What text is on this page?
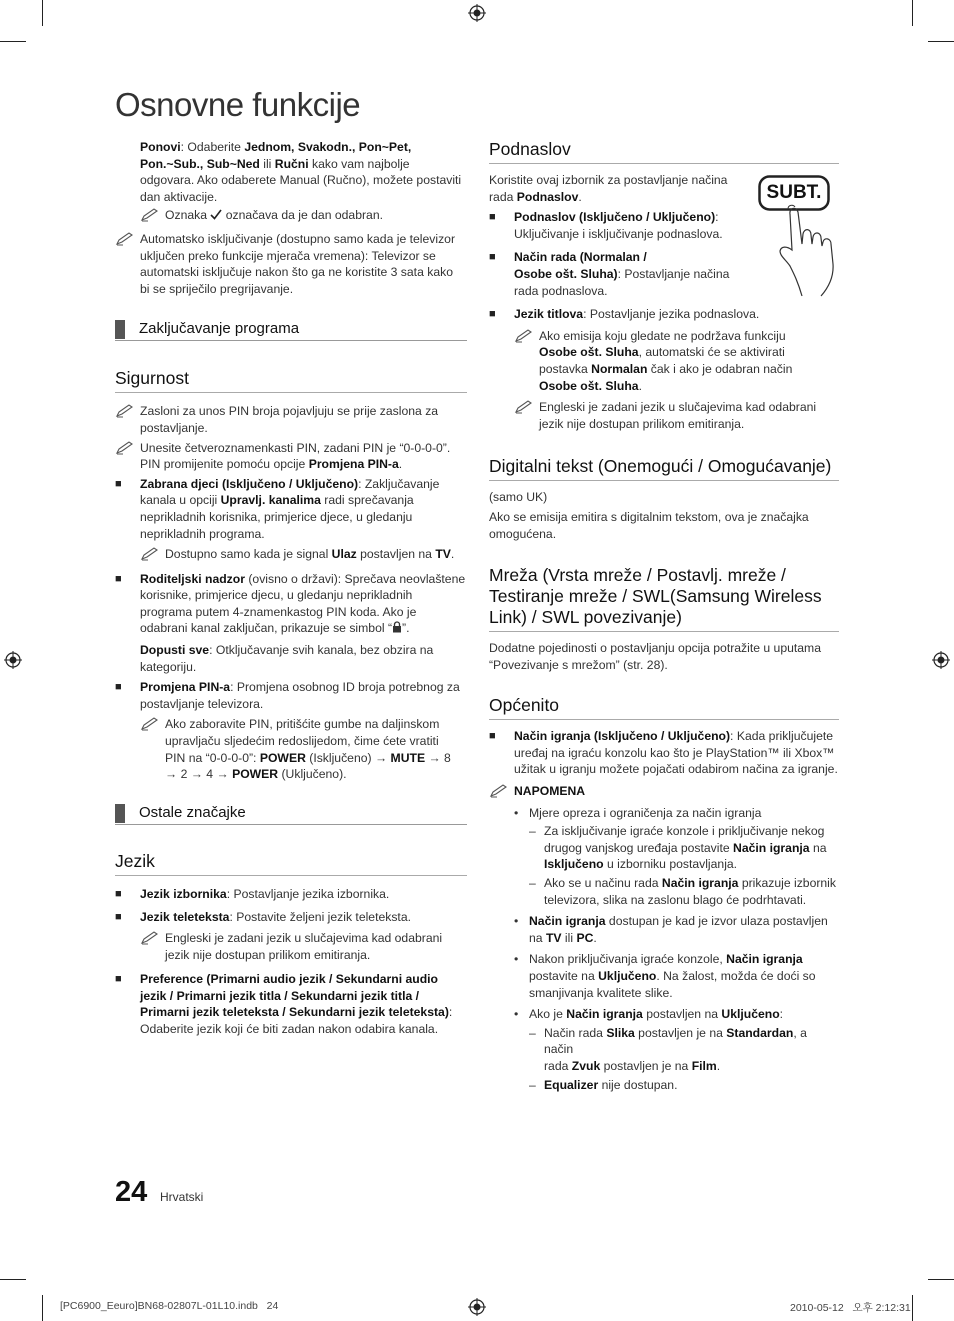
Osnovne funkcije
Ponovi: Odaberite Jednom, Svakodn., Pon~Pet,
Pon.~Sub., Sub~Ned ili Ručni kako vam najbolje
odgovara. Ako odaberete Manual (Ručno), možete postaviti
dan aktivacije.
Oznaka  označava da je dan odabran.
Automatsko isključivanje (dostupno samo kada je televizor
uključen preko funkcije mjerača vremena): Televizor se
automatski isključuje nakon što ga ne koristite 3 sata kako
bi se spriječilo pregrijavanje.
Zaključavanje programa
Sigurnost
Zasloni za unos PIN broja pojavljuju se prije zaslona za
postavljanje.
Unesite četveroznamenkasti PIN, zadani PIN je “0-0-0-0”.
PIN promijenite pomoću opcije Promjena PIN-a.
■ Zabrana djeci (Isključeno / Uključeno): Zaključavanje
kanala u opciji Upravlj. kanalima radi sprečavanja
neprikladnih korisnika, primjerice djece, u gledanju
neprikladnih programa.
Dostupno samo kada je signal Ulaz postavljen na TV.
■ Roditeljski nadzor (ovisno o državi): Sprečava neovlaštene
korisnike, primjerice djecu, u gledanju neprikladnih
programa putem 4-znamenkastog PIN koda. Ako je
odabrani kanal zaključan, prikazuje se simbol “ ”.
Dopusti sve: Otključavanje svih kanala, bez obzira na
kategoriju.
■ Promjena PIN-a: Promjena osobnog ID broja potrebnog za
postavljanje televizora.
Ako zaboravite PIN, pritišćite gumbe na daljinskom
upravljaču sljedećim redoslijedom, čime ćete vratiti
PIN na “0-0-0-0”: POWER (Isključeno) → MUTE → 8
→ 2 → 4 → POWER (Uključeno).
Ostale značajke
Jezik
■ Jezik izbornika: Postavljanje jezika izbornika.
■ Jezik teleteksta: Postavite željeni jezik teleteksta.
Engleski je zadani jezik u slučajevima kad odabrani
jezik nije dostupan prilikom emitiranja.
■ Preference (Primarni audio jezik / Sekundarni audio
jezik / Primarni jezik titla / Sekundarni jezik titla /
Primarni jezik teleteksta / Sekundarni jezik teleteksta):
Odaberite jezik koji će biti zadan nakon odabira kanala.
Podnaslov
Koristite ovaj izbornik za postavljanje načina
rada Podnaslov.
■ Podnaslov (Isključeno / Uključeno):
Uključivanje i isključivanje podnaslova.
■ Način rada (Normalan /
Osobe ošt. Sluha): Postavljanje načina
rada podnaslova.
■ Jezik titlova: Postavljanje jezika podnaslova.
Ako emisija koju gledate ne podržava funkciju
Osobe ošt. Sluha, automatski će se aktivirati
postavka Normalan čak i ako je odabran način
Osobe ošt. Sluha.
Engleski je zadani jezik u slučajevima kad odabrani
jezik nije dostupan prilikom emitiranja.
Digitalni tekst (Onemogući / Omogućavanje)
(samo UK)
Ako se emisija emitira s digitalnim tekstom, ova je značajka
omogućena.
Mreža (Vrsta mreže / Postavlj. mreže /
Testiranje mreže / SWL(Samsung Wireless
Link) / SWL povezivanje)
Dodatne pojedinosti o postavljanju opcija potražite u uputama
“Povezivanje s mrežom” (str. 28).
Općenito
■ Način igranja (Isključeno / Uključeno): Kada priključujete
uređaj na igraću konzolu kao što je PlayStation™ ili Xbox™
užitak u igranju možete pojačati odabirom načina za igranje.
NAPOMENA
• Mjere opreza i ograničenja za način igranja
– Za isključivanje igraće konzole i priključivanje nekog
drugog vanjskog uređaja postavite Način igranja na
Isključeno u izborniku postavljanja.
– Ako se u načinu rada Način igranja prikazuje izbornik
televizora, slika na zaslonu blago će podrhtavati.
• Način igranja dostupan je kad je izvor ulaza postavljen
na TV ili PC.
• Nakon priključivanja igraće konzole, Način igranja
postavite na Uključeno. Na žalost, možda će doći so
smanjivanja kvalitete slike.
• Ako je Način igranja postavljen na Uključeno:
– Način rada Slika postavljen je na Standardan, a način
rada Zvuk postavljen je na Film.
– Equalizer nije dostupan.
SUBT.
24 Hrvatski
[PC6900_Eeuro]BN68-02807L-01L10.indb   24	2010-05-12   오후 2:12:31
